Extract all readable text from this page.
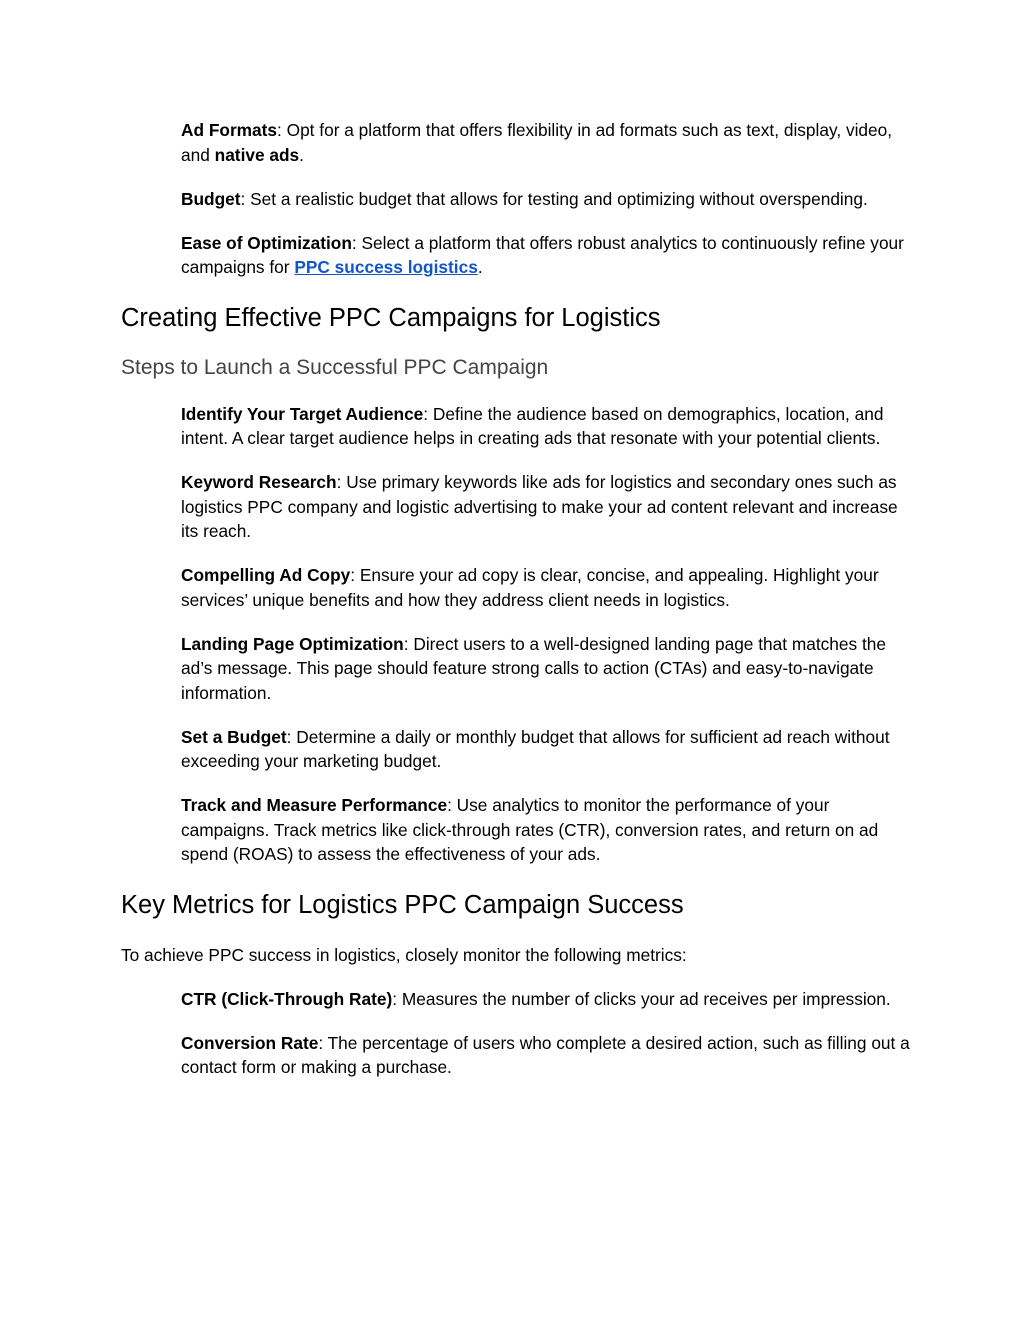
Ad Formats: Opt for a platform that offers flexibility in ad formats such as text, display, video, and native ads.
Budget: Set a realistic budget that allows for testing and optimizing without overspending.
Ease of Optimization: Select a platform that offers robust analytics to continuously refine your campaigns for PPC success logistics.
Creating Effective PPC Campaigns for Logistics
Steps to Launch a Successful PPC Campaign
Identify Your Target Audience: Define the audience based on demographics, location, and intent. A clear target audience helps in creating ads that resonate with your potential clients.
Keyword Research: Use primary keywords like ads for logistics and secondary ones such as logistics PPC company and logistic advertising to make your ad content relevant and increase its reach.
Compelling Ad Copy: Ensure your ad copy is clear, concise, and appealing. Highlight your services’ unique benefits and how they address client needs in logistics.
Landing Page Optimization: Direct users to a well-designed landing page that matches the ad’s message. This page should feature strong calls to action (CTAs) and easy-to-navigate information.
Set a Budget: Determine a daily or monthly budget that allows for sufficient ad reach without exceeding your marketing budget.
Track and Measure Performance: Use analytics to monitor the performance of your campaigns. Track metrics like click-through rates (CTR), conversion rates, and return on ad spend (ROAS) to assess the effectiveness of your ads.
Key Metrics for Logistics PPC Campaign Success
To achieve PPC success in logistics, closely monitor the following metrics:
CTR (Click-Through Rate): Measures the number of clicks your ad receives per impression.
Conversion Rate: The percentage of users who complete a desired action, such as filling out a contact form or making a purchase.
